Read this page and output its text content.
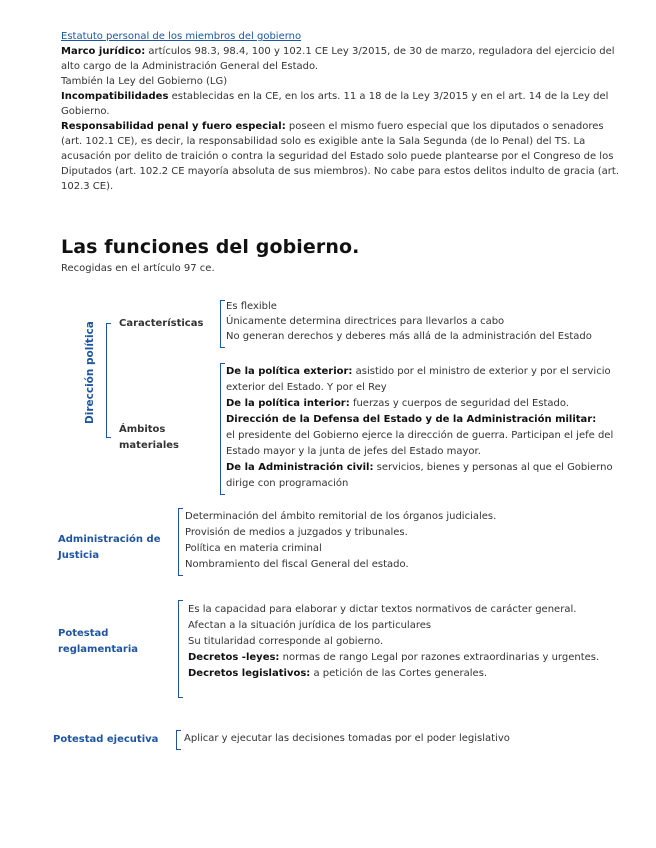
Estatuto personal de los miembros del gobierno
Marco jurídico: artículos 98.3, 98.4, 100 y 102.1 CE Ley 3/2015, de 30 de marzo, reguladora del ejercicio del alto cargo de la Administración General del Estado.
También la Ley del Gobierno (LG)
Incompatibilidades establecidas en la CE, en los arts. 11 a 18 de la Ley 3/2015 y en el art. 14 de la Ley del Gobierno.
Responsabilidad penal y fuero especial: poseen el mismo fuero especial que los diputados o senadores (art. 102.1 CE), es decir, la responsabilidad solo es exigible ante la Sala Segunda (de lo Penal) del TS. La acusación por delito de traición o contra la seguridad del Estado solo puede plantearse por el Congreso de los Diputados (art. 102.2 CE mayoría absoluta de sus miembros). No cabe para estos delitos indulto de gracia (art. 102.3 CE).
Las funciones del gobierno.
Recogidas en el artículo 97 ce.
Dirección política Características
Es flexible
Únicamente determina directrices para llevarlos a cabo
No generan derechos y deberes más allá de la administración del Estado
Ámbitos materiales
De la política exterior: asistido por el ministro de exterior y por el servicio exterior del Estado. Y por el Rey
De la política interior: fuerzas y cuerpos de seguridad del Estado.
Dirección de la Defensa del Estado y de la Administración militar:
el presidente del Gobierno ejerce la dirección de guerra. Participan el jefe del Estado mayor y la junta de jefes del Estado mayor.
De la Administración civil: servicios, bienes y personas al que el Gobierno dirige con programación
Administración de Justicia
Determinación del ámbito remitorial de los órganos judiciales.
Provisión de medios a juzgados y tribunales.
Política en materia criminal
Nombramiento del fiscal General del estado.
Potestad reglamentaria
Es la capacidad para elaborar y dictar textos normativos de carácter general.
Afectan a la situación jurídica de los particulares
Su titularidad corresponde al gobierno.
Decretos -leyes: normas de rango Legal por razones extraordinarias y urgentes.
Decretos legislativos: a petición de las Cortes generales.
Potestad ejecutiva	Aplicar y ejecutar las decisiones tomadas por el poder legislativo
